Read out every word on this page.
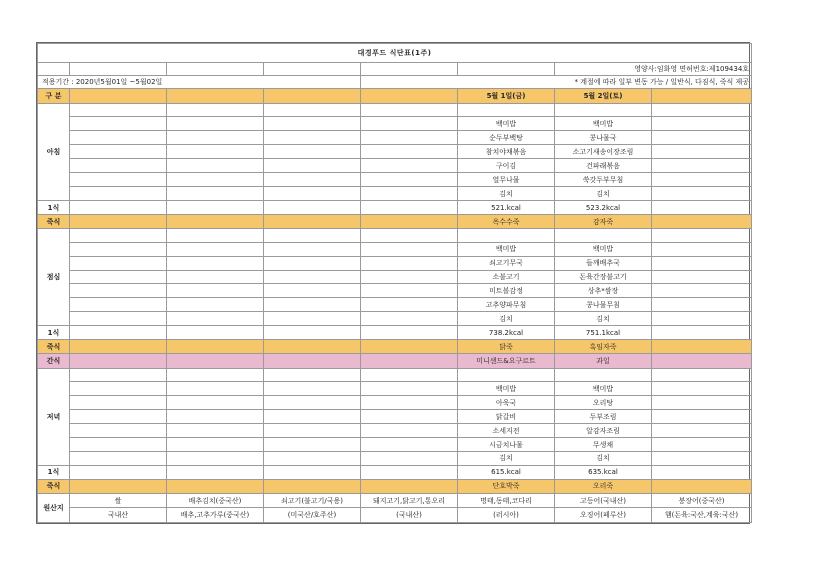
대경푸드 식단표(1주)							
						영양사:임화영 면허번호:제109434호	
적용기간 : 2020년5월01일 ~5월02일				* 계절에 따라 일부 변동 가능 / 일반식, 다짐식, 죽식 제공			
구 분					5월 1일(금)	5월 2일(토)	
아침							
					백미밥	백미밥	
					순두부백탕	콩나물국	
					참치야채볶음	소고기새송이장조림	
					구이김	건파래볶음	
					열무나물	쑥갓두부무침	
					김치	김치	
1식					521.kcal	523.2kcal	
죽식					옥수수죽	감자죽	
점심							
					백미밥	백미밥	
					쇠고기무국	들깨배추국	
					소불고기	돈육간장불고기	
					미트볼감정	상추*쌈장	
					고추양파무침	콩나물무침	
					김치	김치	
1식					738.2kcal	751.1kcal	
죽식					닭죽	흑임자죽	
간식					미니샌드&요구르트	과일	
저녁							
					백미밥	백미밥	
					아욱국	오리탕	
					닭갈비	두부조림	
					소세지전	알감자조림	
					시금치나물	무생채	
					김치	김치	
1식					615.kcal	635.kcal	
죽식					단호박죽	오리죽	
원산지	쌀	배추김치(중국산)	쇠고기(불고기/국용)	돼지고기,닭고기,통오리	명태,동태,코다리	고등어(국내산)	붕장어(중국산)
	국내산	배추,고추가루(중국산)	(미국산/호주산)	(국내산)	(러시아)	오징어(페루산)	햄(돈육:국산,계육:국산)
